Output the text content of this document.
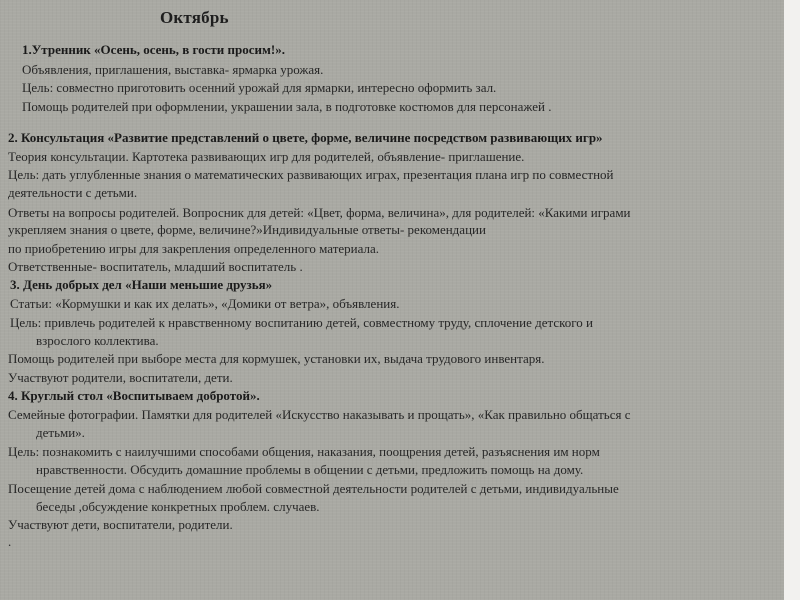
Октябрь
1.Утренник «Осень, осень, в гости просим!».
Объявления, приглашения, выставка- ярмарка урожая.
Цель: совместно приготовить осенний урожай для ярмарки, интересно оформить зал.
Помощь родителей при оформлении, украшении зала, в подготовке костюмов для персонажей .
2. Консультация «Развитие представлений о цвете, форме, величине посредством развивающих игр»
Теория консультации. Картотека развивающих игр для родителей, объявление- приглашение.
Цель: дать углубленные знания о математических развивающих играх, презентация плана игр по совместной
деятельности с детьми.
Ответы на вопросы родителей. Вопросник для детей: «Цвет, форма, величина», для родителей: «Какими играми
укрепляем знания о цвете, форме, величине?»Индивидуальные ответы- рекомендации
по приобретению игры для закрепления определенного материала.
Ответственные- воспитатель, младший воспитатель .
3. День добрых дел «Наши меньшие друзья»
Статьи: «Кормушки и как их делать», «Домики от ветра», объявления.
Цель: привлечь родителей к нравственному воспитанию детей, совместному труду, сплочение детского и
взрослого коллектива.
Помощь родителей при выборе места для кормушек, установки их, выдача трудового инвентаря.
Участвуют родители, воспитатели, дети.
4. Круглый стол «Воспитываем добротой».
Семейные фотографии. Памятки для родителей «Искусство наказывать и прощать», «Как правильно общаться с
детьми».
Цель: познакомить с наилучшими способами общения, наказания, поощрения детей, разъяснения им норм
нравственности. Обсудить домашние проблемы в общении с детьми, предложить помощь на дому.
Посещение детей дома с наблюдением любой совместной деятельности родителей с детьми, индивидуальные
беседы ,обсуждение конкретных проблем. случаев.
Участвуют дети, воспитатели, родители.
.
